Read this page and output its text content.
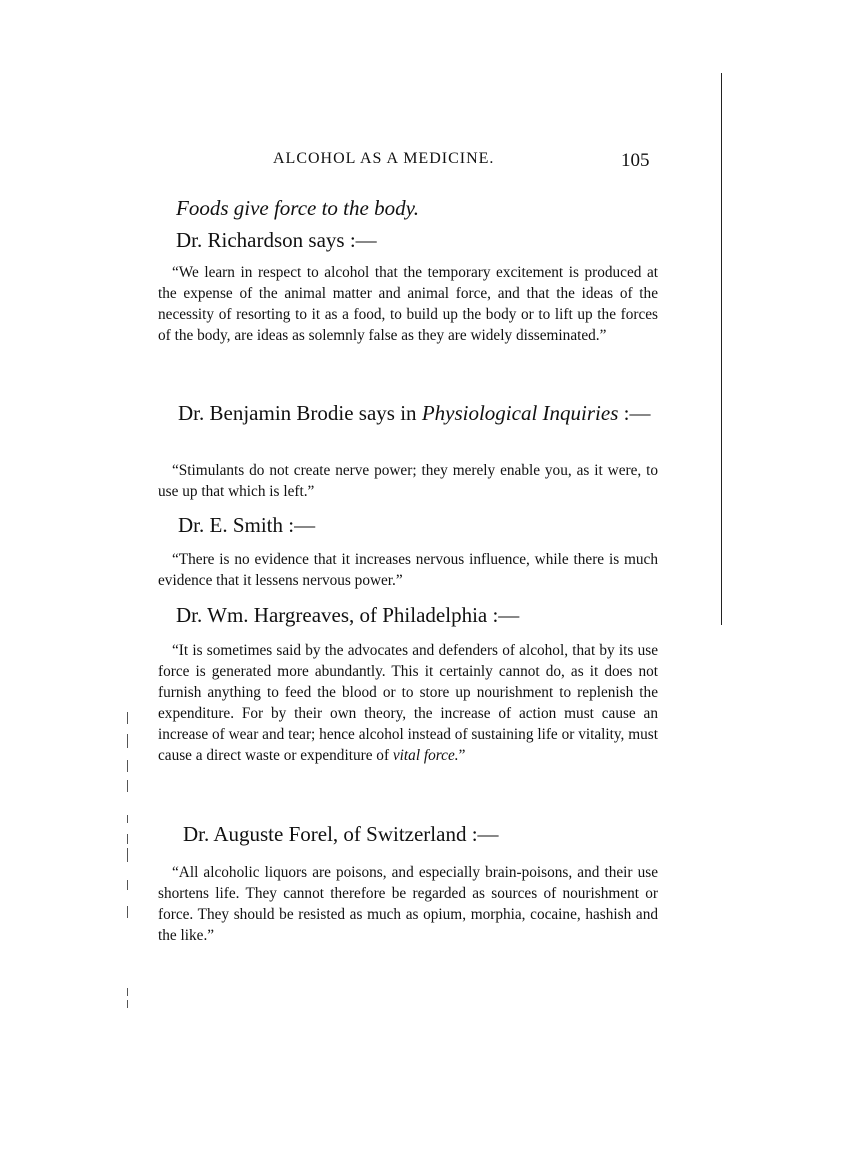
ALCOHOL AS A MEDICINE.	105
Foods give force to the body.
Dr. Richardson says :—

“We learn in respect to alcohol that the temporary excitement is produced at the expense of the animal matter and animal force, and that the ideas of the necessity of resorting to it as a food, to build up the body or to lift up the forces of the body, are ideas as solemnly false as they are widely disseminated.”

Dr. Benjamin Brodie says in Physiological Inquiries :—

“Stimulants do not create nerve power; they merely enable you, as it were, to use up that which is left.”

Dr. E. Smith :—

“There is no evidence that it increases nervous influence, while there is much evidence that it lessens nervous power.”

Dr. Wm. Hargreaves, of Philadelphia :—

“It is sometimes said by the advocates and defenders of alcohol, that by its use force is generated more abundantly. This it certainly cannot do, as it does not furnish anything to feed the blood or to store up nourishment to replenish the expenditure. For by their own theory, the increase of action must cause an increase of wear and tear; hence alcohol instead of sustaining life or vitality, must cause a direct waste or expenditure of vital force.”

Dr. Auguste Forel, of Switzerland :—

“All alcoholic liquors are poisons, and especially brain-poisons, and their use shortens life. They cannot therefore be regarded as sources of nourishment or force. They should be resisted as much as opium, morphia, cocaine, hashish and the like.”
